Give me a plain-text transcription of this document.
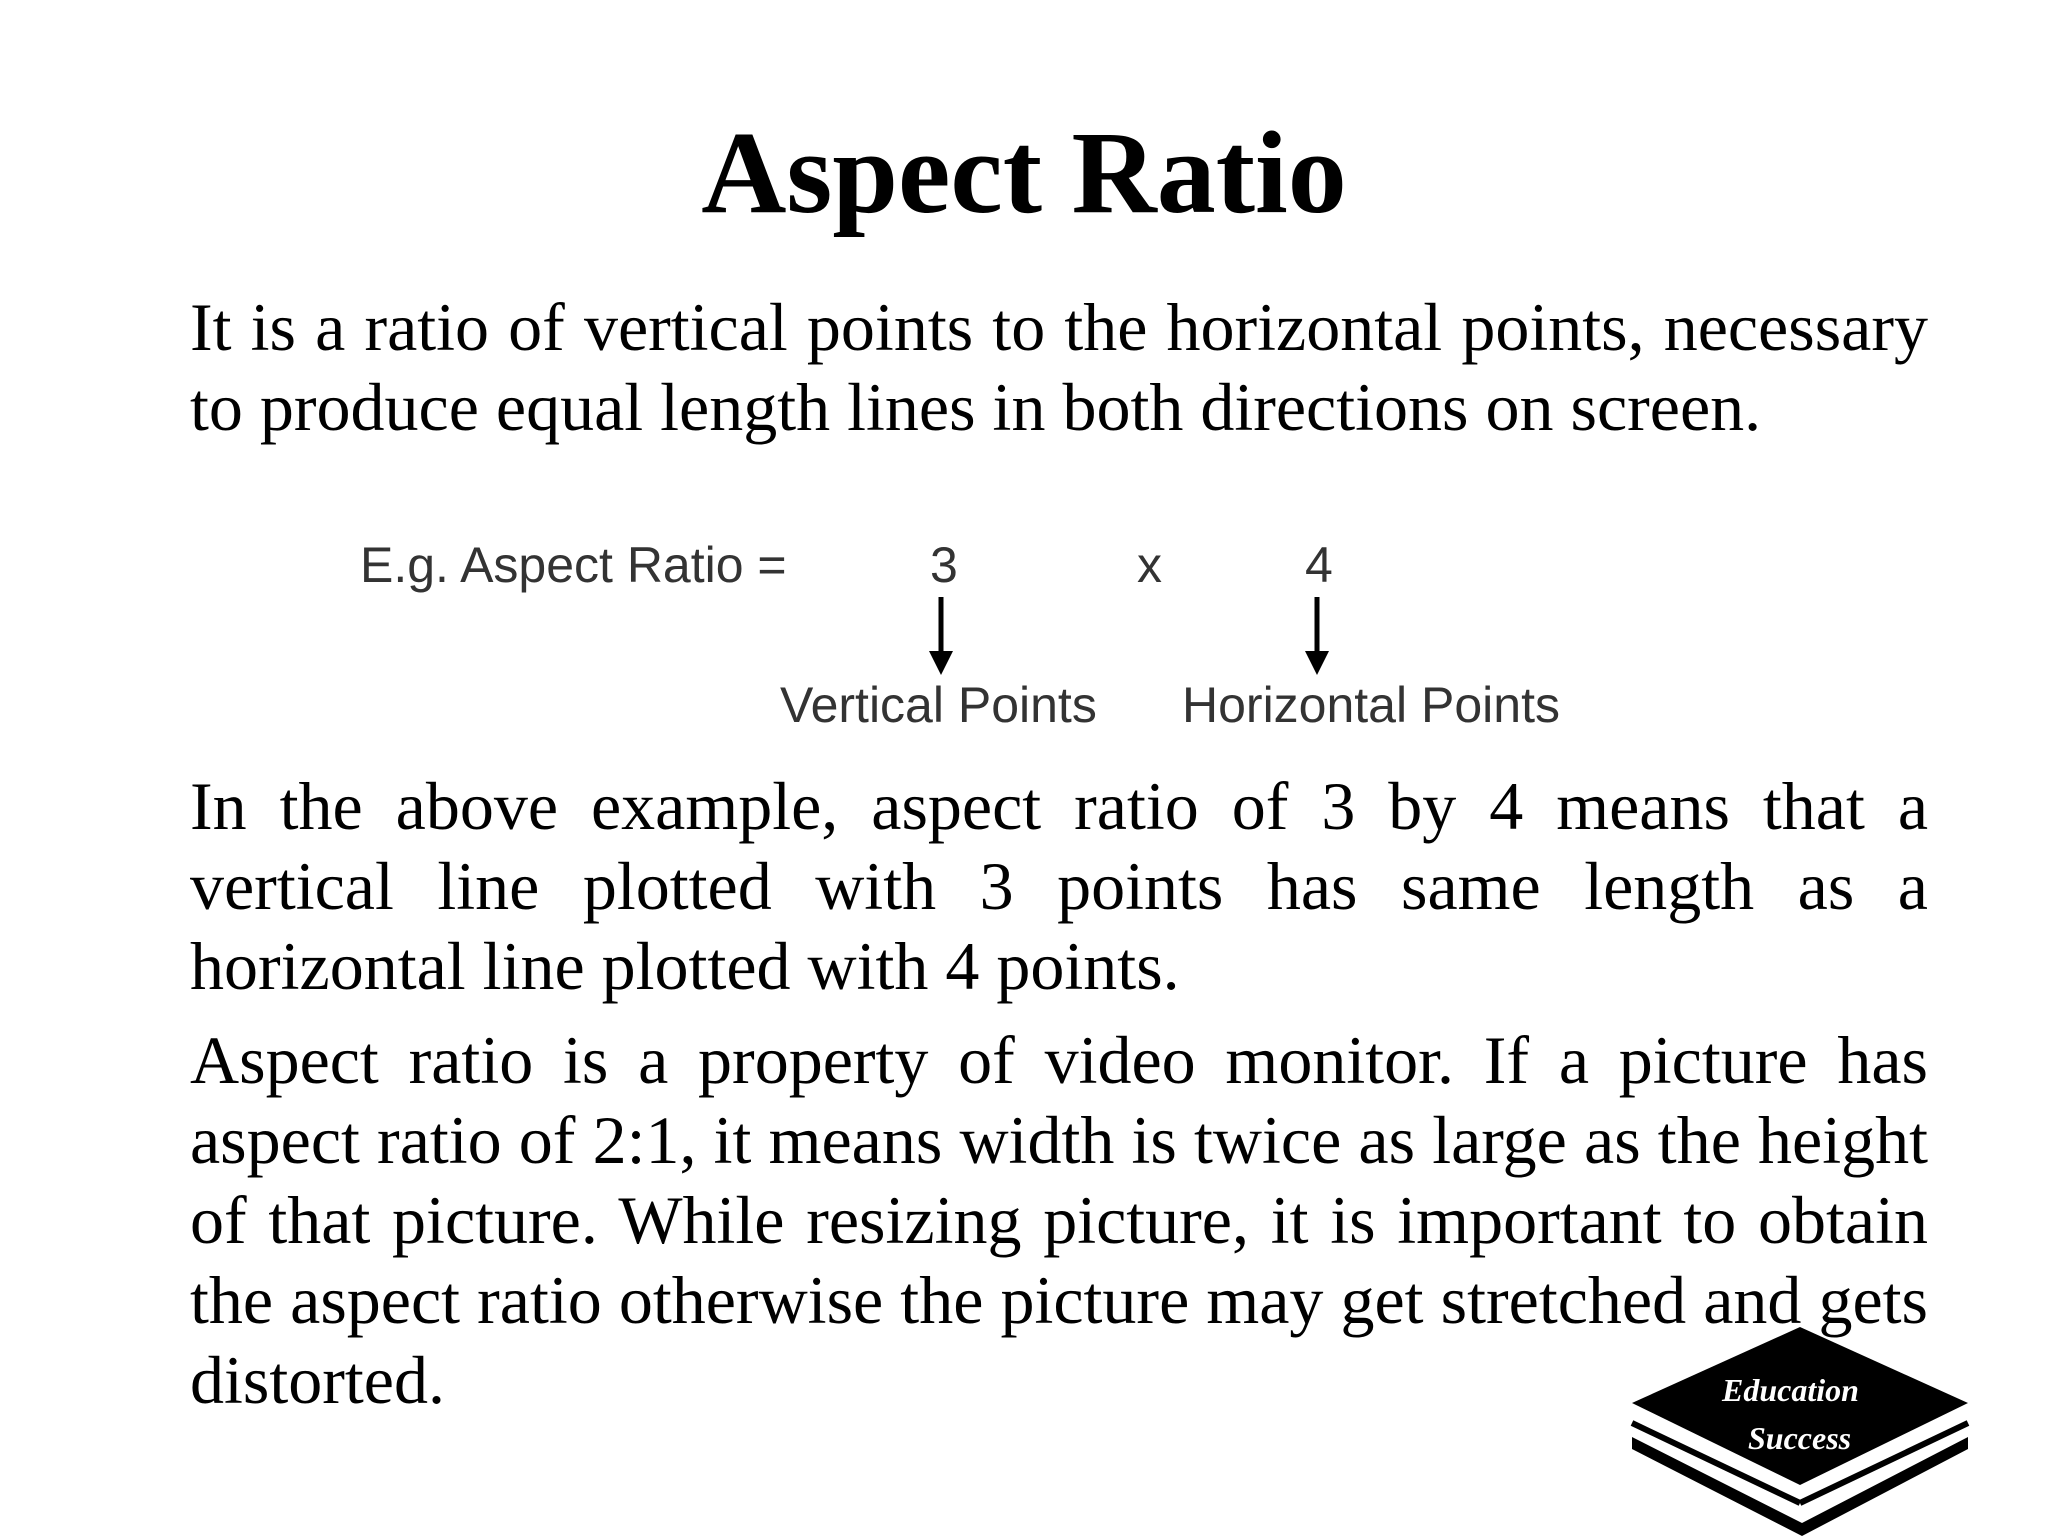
Aspect Ratio

It is a ratio of vertical points to the horizontal points, necessary to produce equal length lines in both directions on screen.

E.g. Aspect Ratio =	3	x	4
Vertical Points Horizontal Points

In the above example, aspect ratio of 3 by 4 means that a vertical line plotted with 3 points has same length as a horizontal line plotted with 4 points.

Aspect ratio is a property of video monitor. If a picture has aspect ratio of 2:1, it means width is twice as large as the height of that picture. While resizing picture, it is important to obtain the aspect ratio otherwise the picture may get stretched and gets distorted.	Education
Success
